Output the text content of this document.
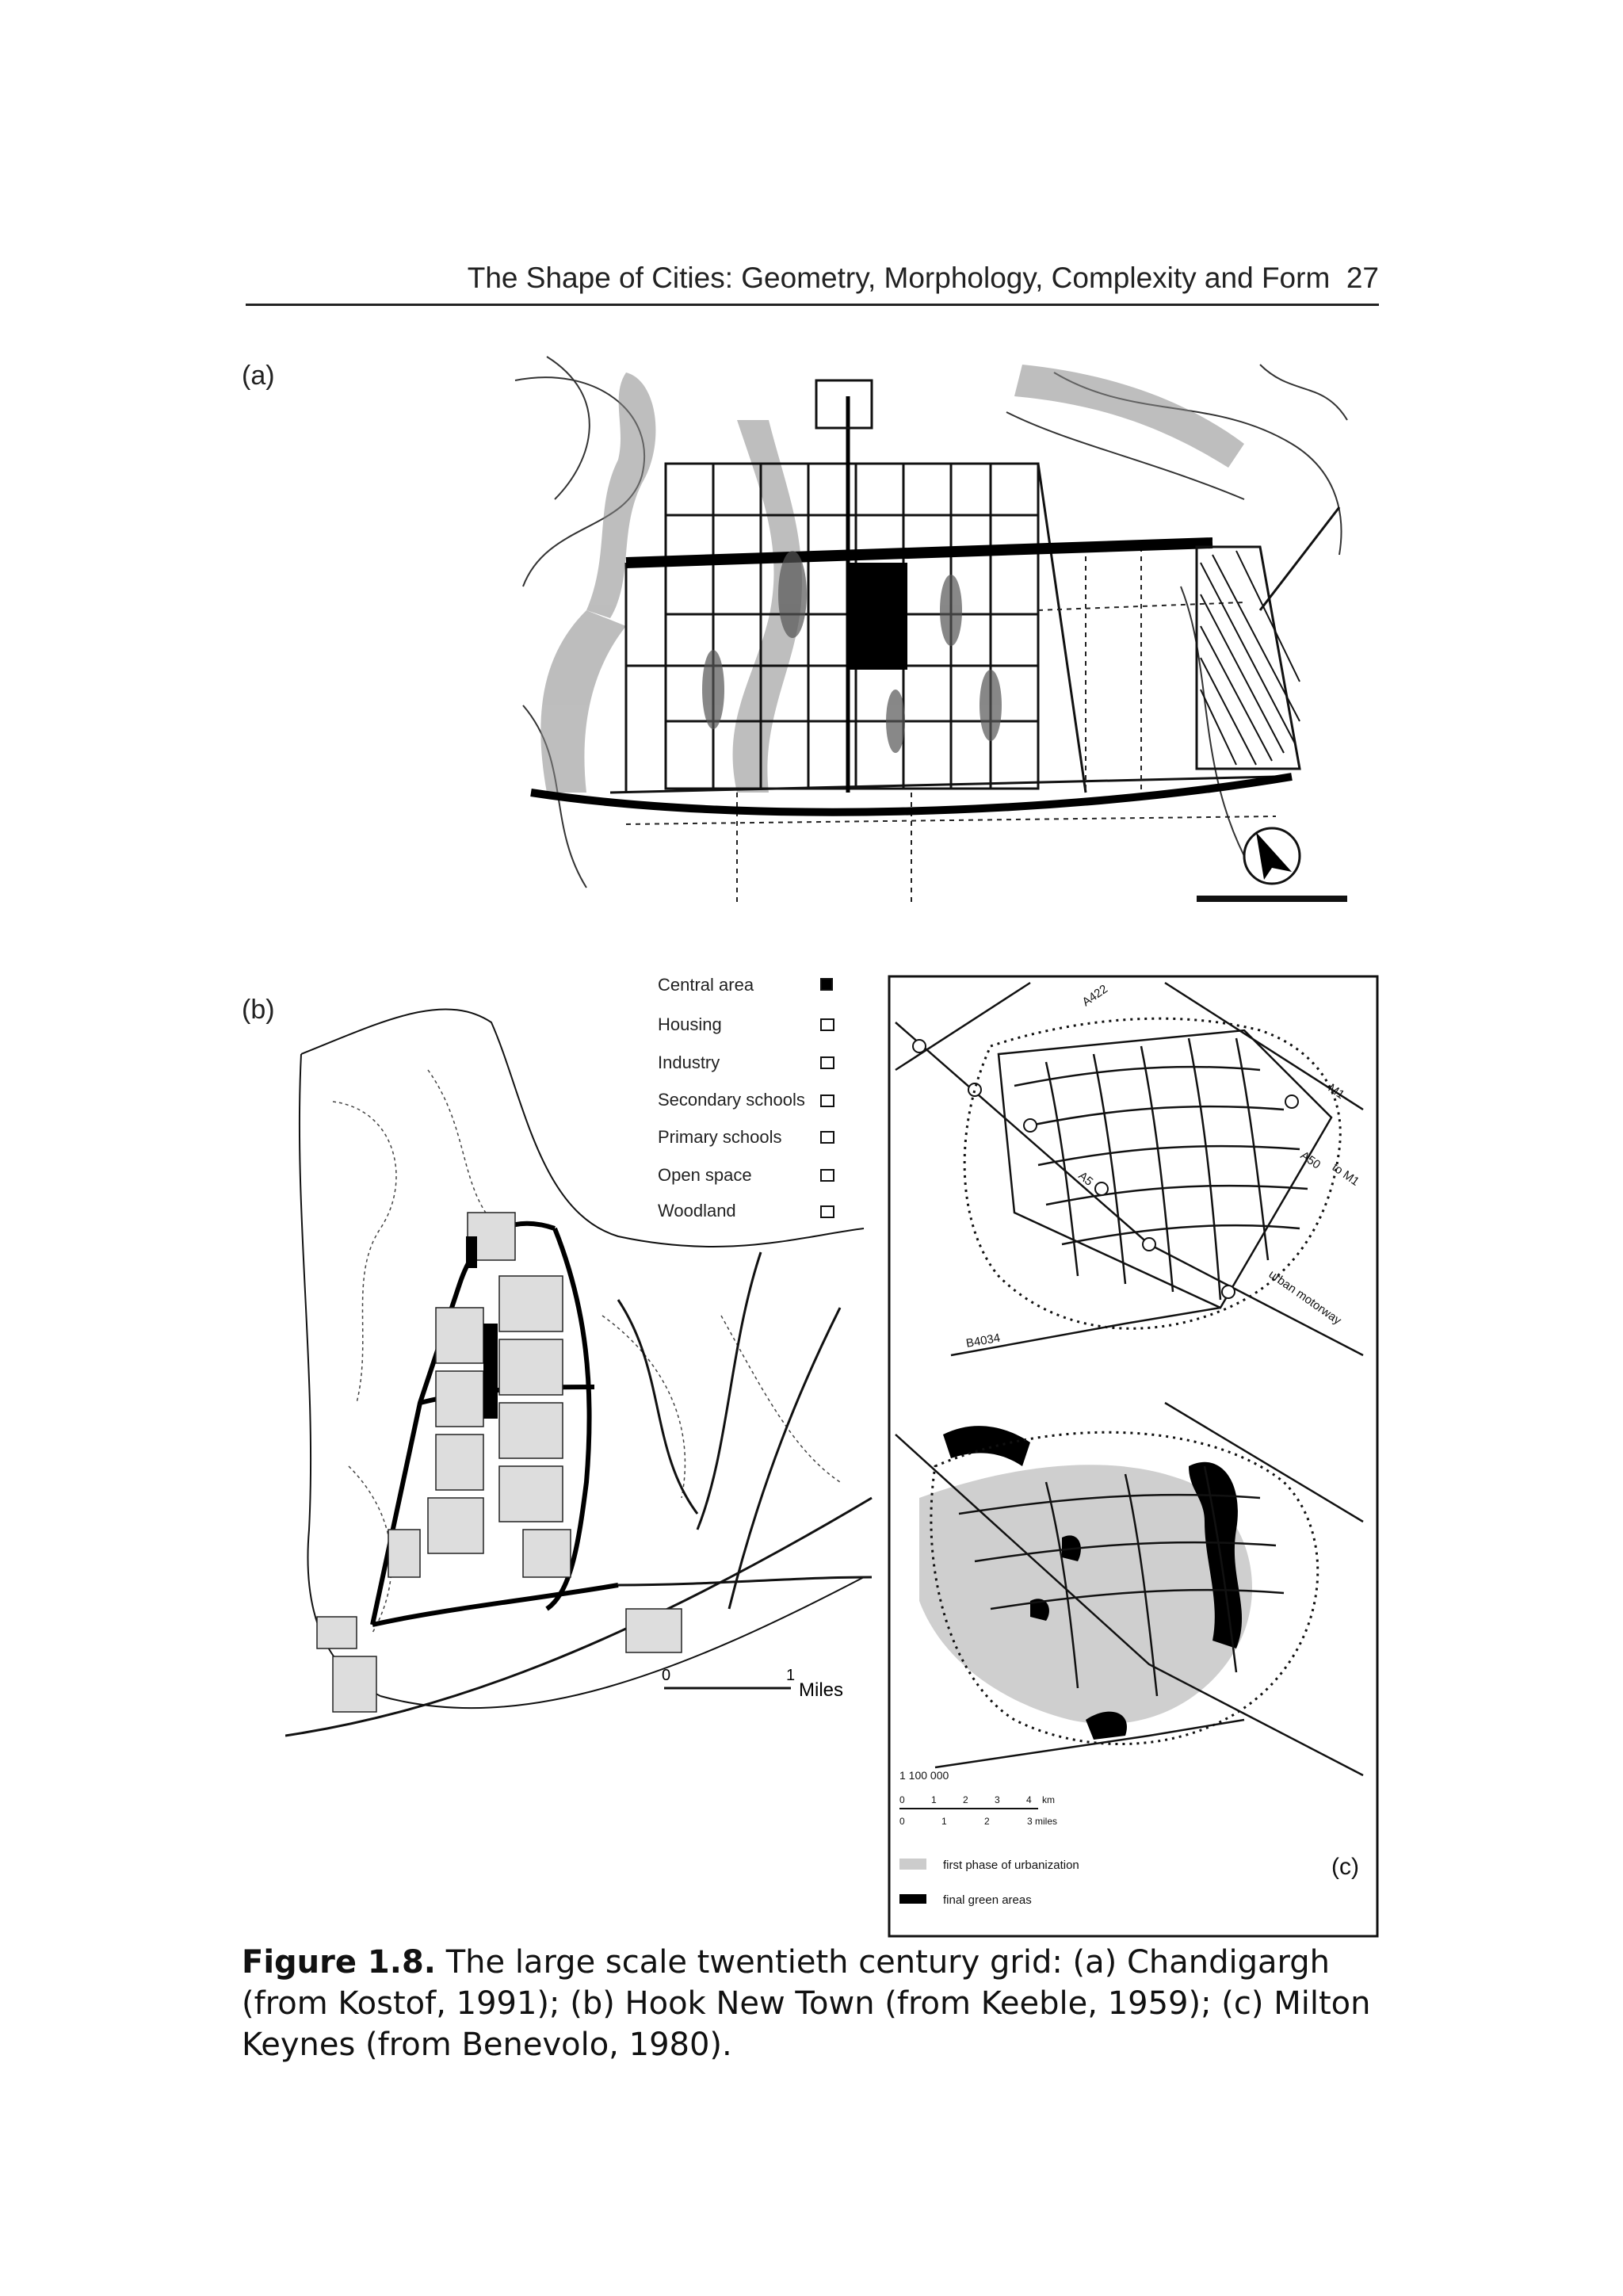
The Shape of Cities: Geometry, Morphology, Complexity and Form 27
(a)
(b)
Central area
Housing
Industry
Secondary schools
Primary schools
Open space
Woodland
0	1
Miles
A422
M1
A50
A5
B4034
to M1
urban motorway
1 100 000
0	1	2	3	4 km
0	1	2	3 miles
first phase of urbanization
final green areas
(c)
Figure 1.8. The large scale twentieth century grid: (a) Chandigargh (from Kostof, 1991); (b) Hook New Town (from Keeble, 1959); (c) Milton Keynes (from Benevolo, 1980).
